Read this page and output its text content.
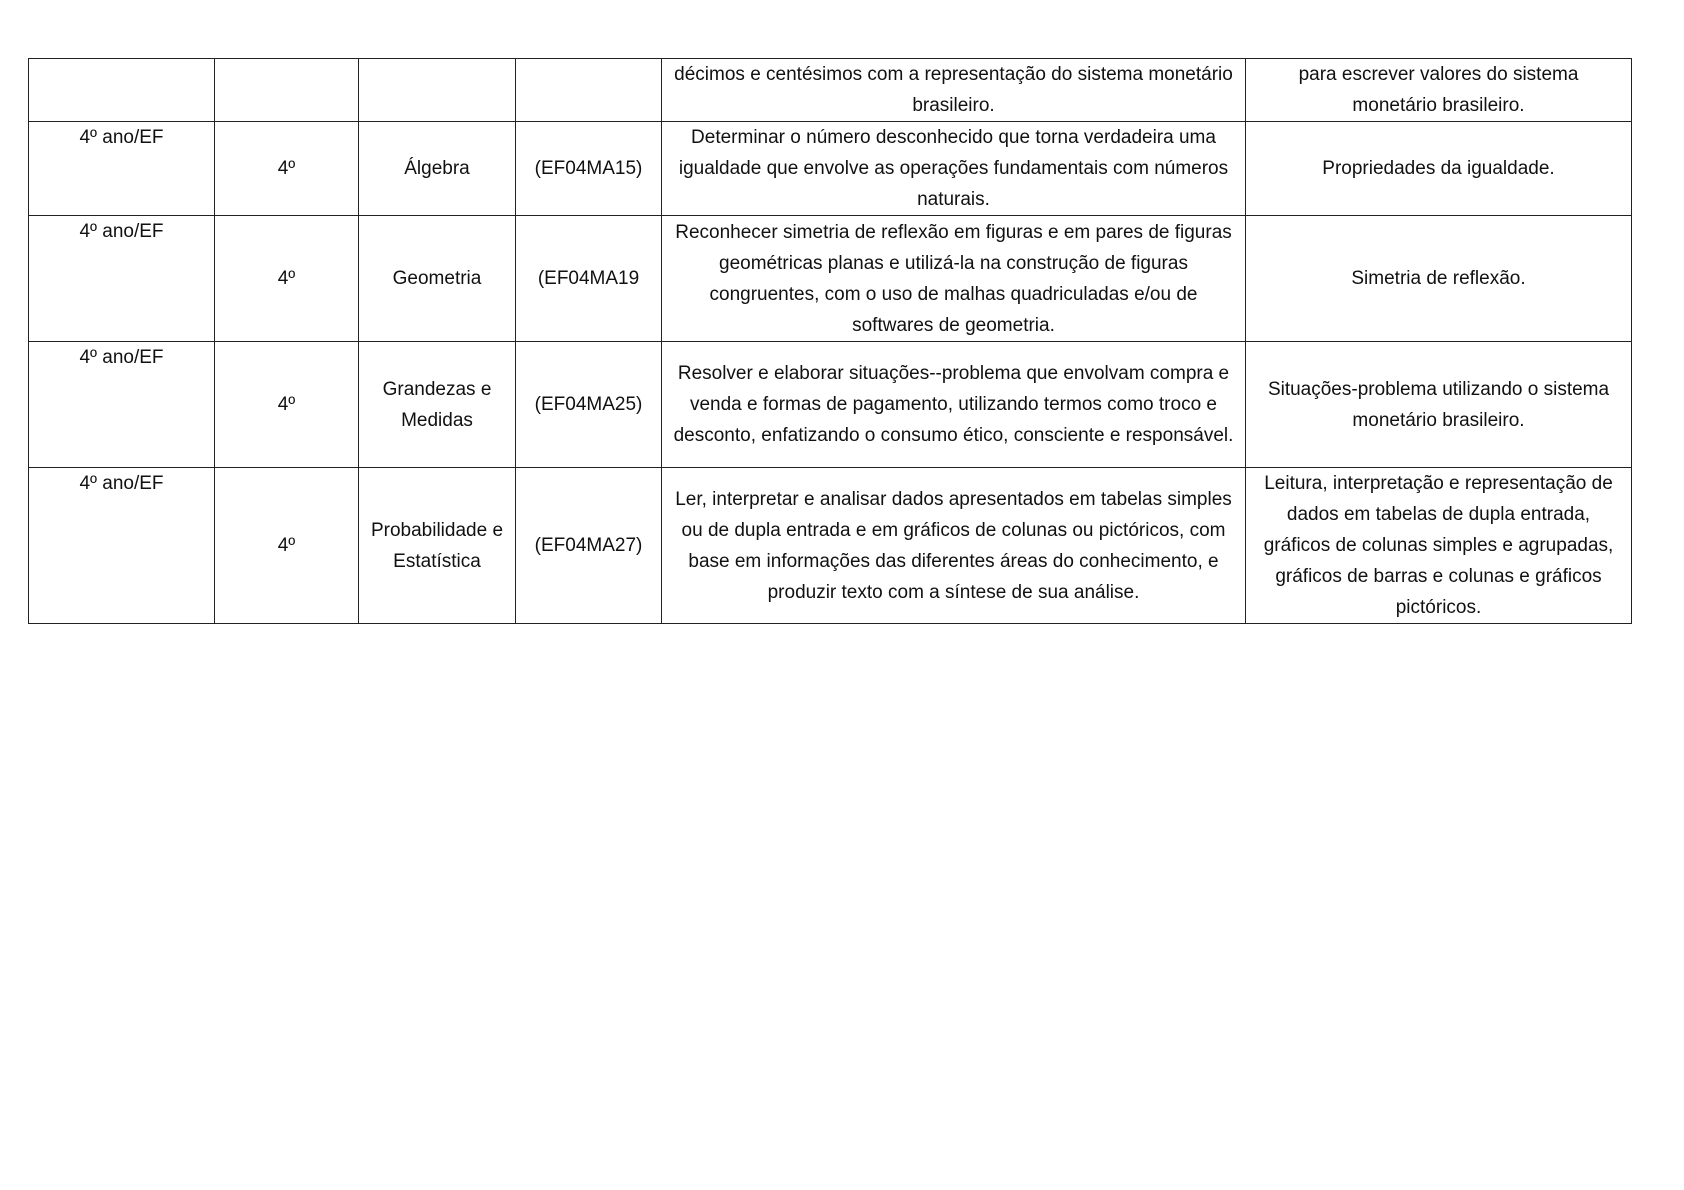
				décimos e centésimos com a representação do sistema monetário brasileiro.	para escrever valores do sistema monetário brasileiro.
4º ano/EF	4º	Álgebra	(EF04MA15)	Determinar o número desconhecido que torna verdadeira uma igualdade que envolve as operações fundamentais com números naturais.	Propriedades da igualdade.
4º ano/EF	4º	Geometria	(EF04MA19	Reconhecer simetria de reflexão em figuras e em pares de figuras geométricas planas e utilizá-la na construção de figuras congruentes, com o uso de malhas quadriculadas e/ou de softwares de geometria.	Simetria de reflexão.
4º ano/EF	4º	Grandezas e Medidas	(EF04MA25)	Resolver e elaborar situações--problema que envolvam compra e venda e formas de pagamento, utilizando termos como troco e desconto, enfatizando o consumo ético, consciente e responsável.	Situações-problema utilizando o sistema monetário brasileiro.
4º ano/EF	4º	Probabilidade e Estatística	(EF04MA27)	Ler, interpretar e analisar dados apresentados em tabelas simples ou de dupla entrada e em gráficos de colunas ou pictóricos, com base em informações das diferentes áreas do conhecimento, e produzir texto com a síntese de sua análise.	Leitura, interpretação e representação de dados em tabelas de dupla entrada, gráficos de colunas simples e agrupadas, gráficos de barras e colunas e gráficos pictóricos.
